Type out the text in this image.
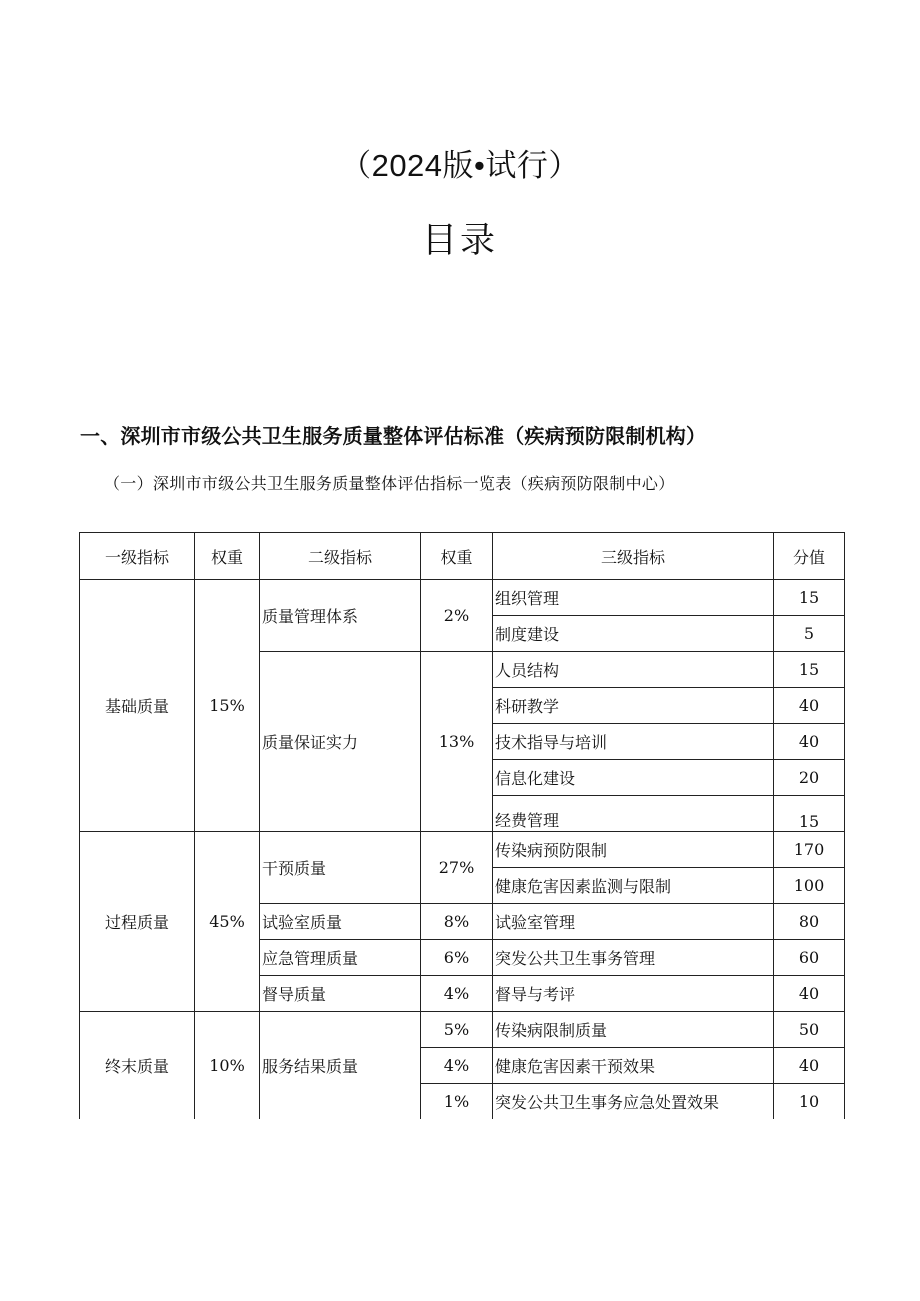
（2024版•试行）
目录
一、深圳市市级公共卫生服务质量整体评估标准（疾病预防限制机构）
（一）深圳市市级公共卫生服务质量整体评估指标一览表（疾病预防限制中心）
一级指标	权重	二级指标	权重	三级指标	分值
基础质量	15%	质量管理体系	2%	组织管理	15
				制度建设	5
		质量保证实力	13%	人员结构	15
				科研教学	40
				技术指导与培训	40
				信息化建设	20
				经费管理	15
过程质量	45%	干预质量	27%	传染病预防限制	170
				健康危害因素监测与限制	100
		试验室质量	8%	试验室管理	80
		应急管理质量	6%	突发公共卫生事务管理	60
		督导质量	4%	督导与考评	40
终末质量	10%	服务结果质量	5%	传染病限制质量	50
			4%	健康危害因素干预效果	40
			1%	突发公共卫生事务应急处置效果	10
